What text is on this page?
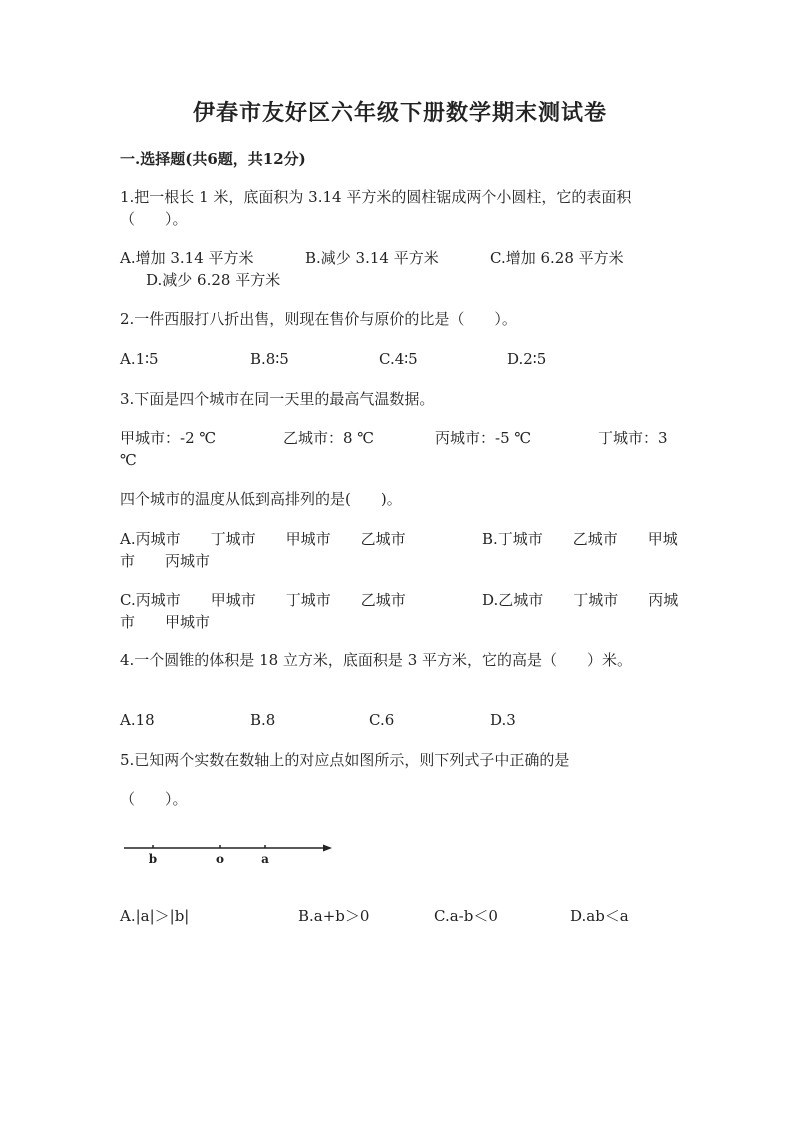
伊春市友好区六年级下册数学期末测试卷
一.选择题(共6题，共12分)
1.把一根长 1 米，底面积为 3.14 平方米的圆柱锯成两个小圆柱，它的表面积
（　　）。
A.增加 3.14 平方米	B.减少 3.14 平方米	C.增加 6.28 平方米
D.减少 6.28 平方米
2.一件西服打八折出售，则现在售价与原价的比是（　　）。
A.1∶5	B.8∶5	C.4∶5	D.2∶5
3.下面是四个城市在同一天里的最高气温数据。
甲城市：-2 ℃	乙城市：8 ℃	丙城市：-5 ℃	丁城市：3
℃
四个城市的温度从低到高排列的是(　　)。
A.丙城市　　丁城市　　甲城市　　乙城市	B.丁城市　　乙城市　　甲城
市　　丙城市
C.丙城市　　甲城市　　丁城市　　乙城市	D.乙城市　　丁城市　　丙城
市　　甲城市
4.一个圆锥的体积是 18 立方米，底面积是 3 平方米，它的高是（　　）米。
A.18	B.8	C.6	D.3
5.已知两个实数在数轴上的对应点如图所示，则下列式子中正确的是
（　　）。
b	o	a
A.|a|＞|b|	B.a+b＞0	C.a-b＜0	D.ab＜a
